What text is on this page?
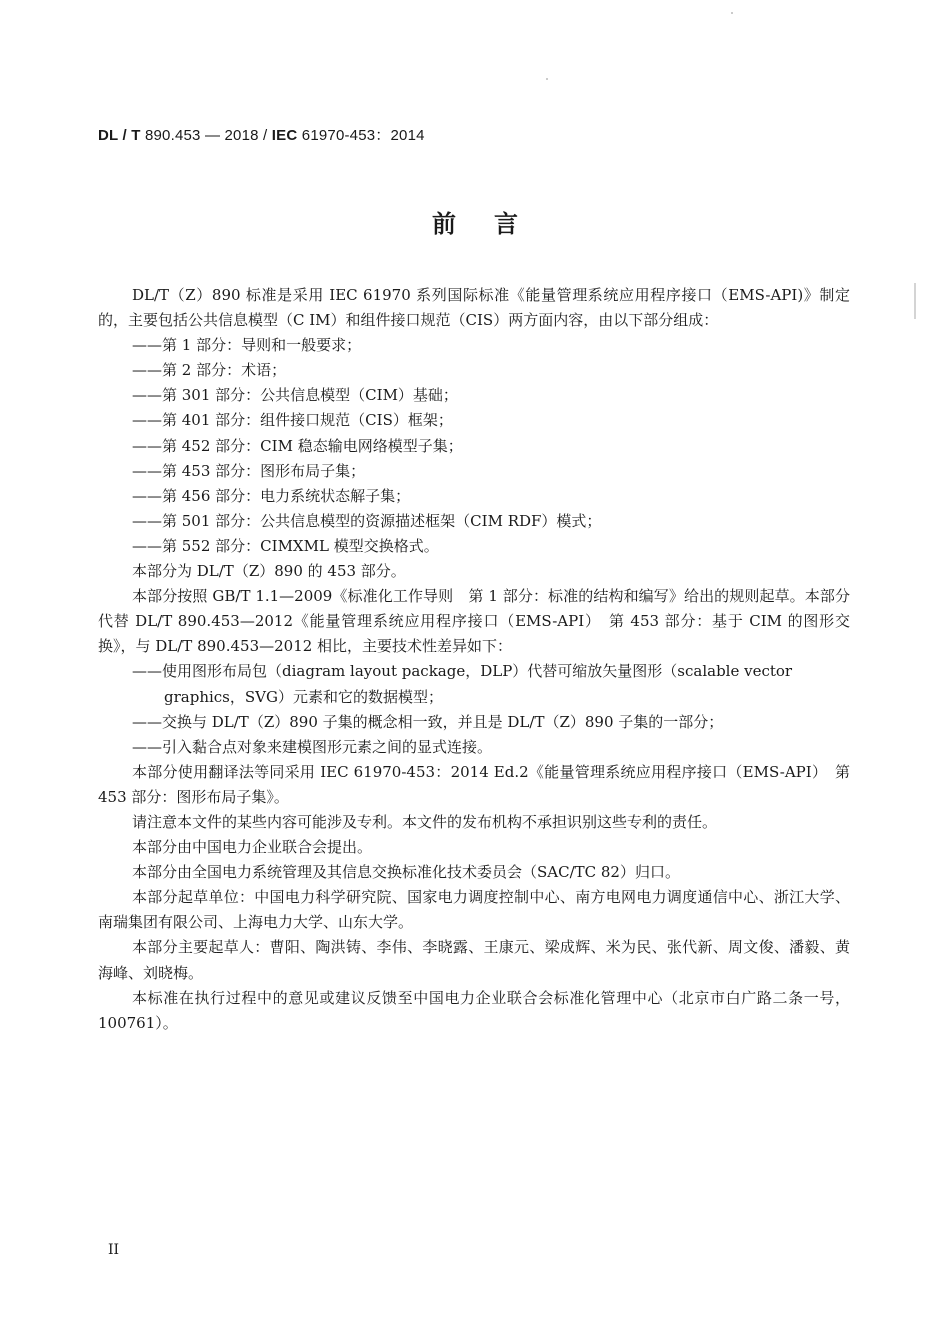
DL / T 890.453 — 2018 / IEC 61970-453：2014
前言

DL/T（Z）890 标准是采用 IEC 61970 系列国际标准《能量管理系统应用程序接口（EMS-API)》制定的，主要包括公共信息模型（C IM）和组件接口规范（CIS）两方面内容，由以下部分组成：

——第 1 部分：导则和一般要求；

——第 2 部分：术语；

——第 301 部分：公共信息模型（CIM）基础；

——第 401 部分：组件接口规范（CIS）框架；

——第 452 部分：CIM 稳态输电网络模型子集；

——第 453 部分：图形布局子集；

——第 456 部分：电力系统状态解子集；

——第 501 部分：公共信息模型的资源描述框架（CIM RDF）模式；

——第 552 部分：CIMXML 模型交换格式。

本部分为 DL/T（Z）890 的 453 部分。

本部分按照 GB/T 1.1—2009《标准化工作导则　第 1 部分：标准的结构和编写》给出的规则起草。本部分代替 DL/T 890.453—2012《能量管理系统应用程序接口（EMS-API）　第 453 部分：基于 CIM 的图形交换》，与 DL/T 890.453—2012 相比，主要技术性差异如下：

——使用图形布局包（diagram layout package，DLP）代替可缩放矢量图形（scalable vector graphics，SVG）元素和它的数据模型；

——交换与 DL/T（Z）890 子集的概念相一致，并且是 DL/T（Z）890 子集的一部分；

——引入黏合点对象来建模图形元素之间的显式连接。

本部分使用翻译法等同采用 IEC 61970-453：2014 Ed.2《能量管理系统应用程序接口（EMS-API）　第 453 部分：图形布局子集》。

请注意本文件的某些内容可能涉及专利。本文件的发布机构不承担识别这些专利的责任。

本部分由中国电力企业联合会提出。

本部分由全国电力系统管理及其信息交换标准化技术委员会（SAC/TC 82）归口。

本部分起草单位：中国电力科学研究院、国家电力调度控制中心、南方电网电力调度通信中心、浙江大学、南瑞集团有限公司、上海电力大学、山东大学。

本部分主要起草人：曹阳、陶洪铸、李伟、李晓露、王康元、梁成辉、米为民、张代新、周文俊、潘毅、黄海峰、刘晓梅。

本标准在执行过程中的意见或建议反馈至中国电力企业联合会标准化管理中心（北京市白广路二条一号，100761）。

II
